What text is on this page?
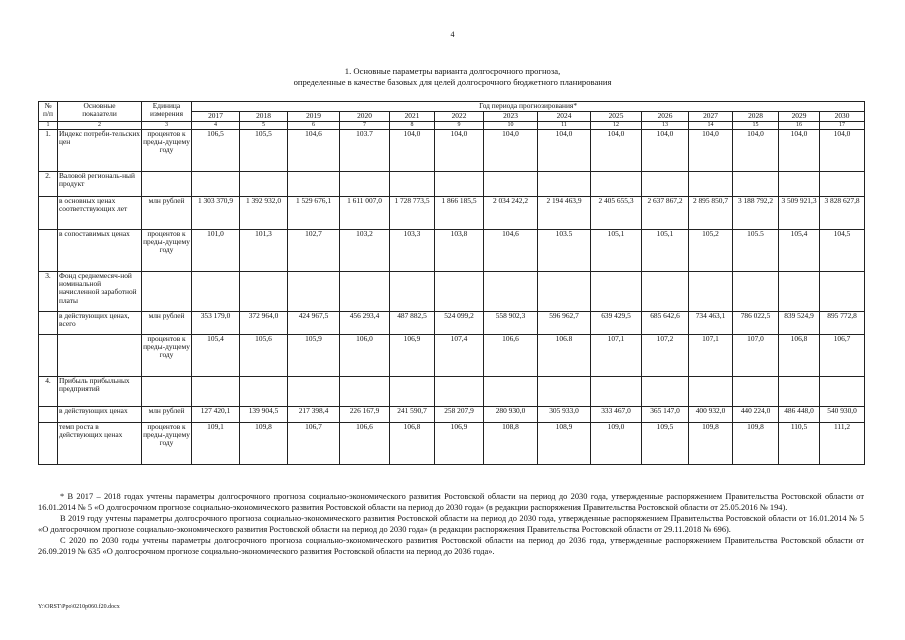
4
1. Основные параметры варианта долгосрочного прогноза,
определенные в качестве базовых для целей долгосрочного бюджетного планирования
№
п/п	Основные показатели	Единица измерения	Год периода прогнозирования*													
			2017	2018	2019	2020	2021	2022	2023	2024	2025	2026	2027	2028	2029	2030
1	2	3	4	5	6	7	8	9	10	11	12	13	14	15	16	17
1.	Индекс потреби-тельских цен	процентов к преды-дущему году	106,5	105,5	104,6	103.7	104,0	104,0	104,0	104,0	104,0	104,0	104,0	104,0	104,0	104,0
2.	Валовой региональ-ный продукт															
	в основных ценах соответствующих лет	млн рублей	1 303 370,9	1 392 932,0	1 529 676,1	1 611 007,0	1 728 773,5	1 866 185,5	2 034 242,2	2 194 463,9	2 405 655,3	2 637 867,2	2 895 850,7	3 188 792,2	3 509 921,3	3 828 627,8
	в сопоставимых ценах	процентов к преды-дущему году	101,0	101,3	102,7	103,2	103,3	103,8	104,6	103.5	105,1	105,1	105,2	105.5	105,4	104,5
3.	Фонд среднемесяч-ной номинальной начисленной заработной платы															
	в действующих ценах, всего	млн рублей	353 179,0	372 964,0	424 967,5	456 293,4	487 882,5	524 099,2	558 902,3	596 962,7	639 429,5	685 642,6	734 463,1	786 022,5	839 524,9	895 772,8
		процентов к преды-дущему году	105,4	105,6	105,9	106,0	106,9	107,4	106,6	106.8	107,1	107,2	107,1	107,0	106,8	106,7
4.	Прибыль прибыльных предприятий															
	в действующих ценах	млн рублей	127 420,1	139 904,5	217 398,4	226 167,9	241 590,7	258 207,9	280 930,0	305 933,0	333 467,0	365 147,0	400 932,0	440 224,0	486 448,0	540 930,0
	темп роста в действующих ценах	процентов к преды-дущему году	109,1	109,8	106,7	106,6	106,8	106,9	108,8	108,9	109,0	109,5	109,8	109,8	110,5	111,2

* В 2017 – 2018 годах учтены параметры долгосрочного прогноза социально-экономического развития Ростовской области на период до 2030 года, утвержденные распоряжением Правительства Ростовской области от 16.01.2014 № 5 «О долгосрочном прогнозе социально-экономического развития Ростовской области на период до 2030 года» (в редакции распоряжения Правительства Ростовской области от 25.05.2016 № 194).

В 2019 году учтены параметры долгосрочного прогноза социально-экономического развития Ростовской области на период до 2030 года, утвержденные распоряжением Правительства Ростовской области от 16.01.2014 № 5 «О долгосрочном прогнозе социально-экономического развития Ростовской области на период до 2030 года» (в редакции распоряжения Правительства Ростовской области от 29.11.2018 № 696).

С 2020 по 2030 годы учтены параметры долгосрочного прогноза социально-экономического развития Ростовской области на период до 2036 года, утвержденные распоряжением Правительства Ростовской области от 26.09.2019 № 635 «О долгосрочном прогнозе социально-экономического развития Ростовской области на период до 2036 года».

Y:\ORST\Ppo\0210p060.f20.docx
